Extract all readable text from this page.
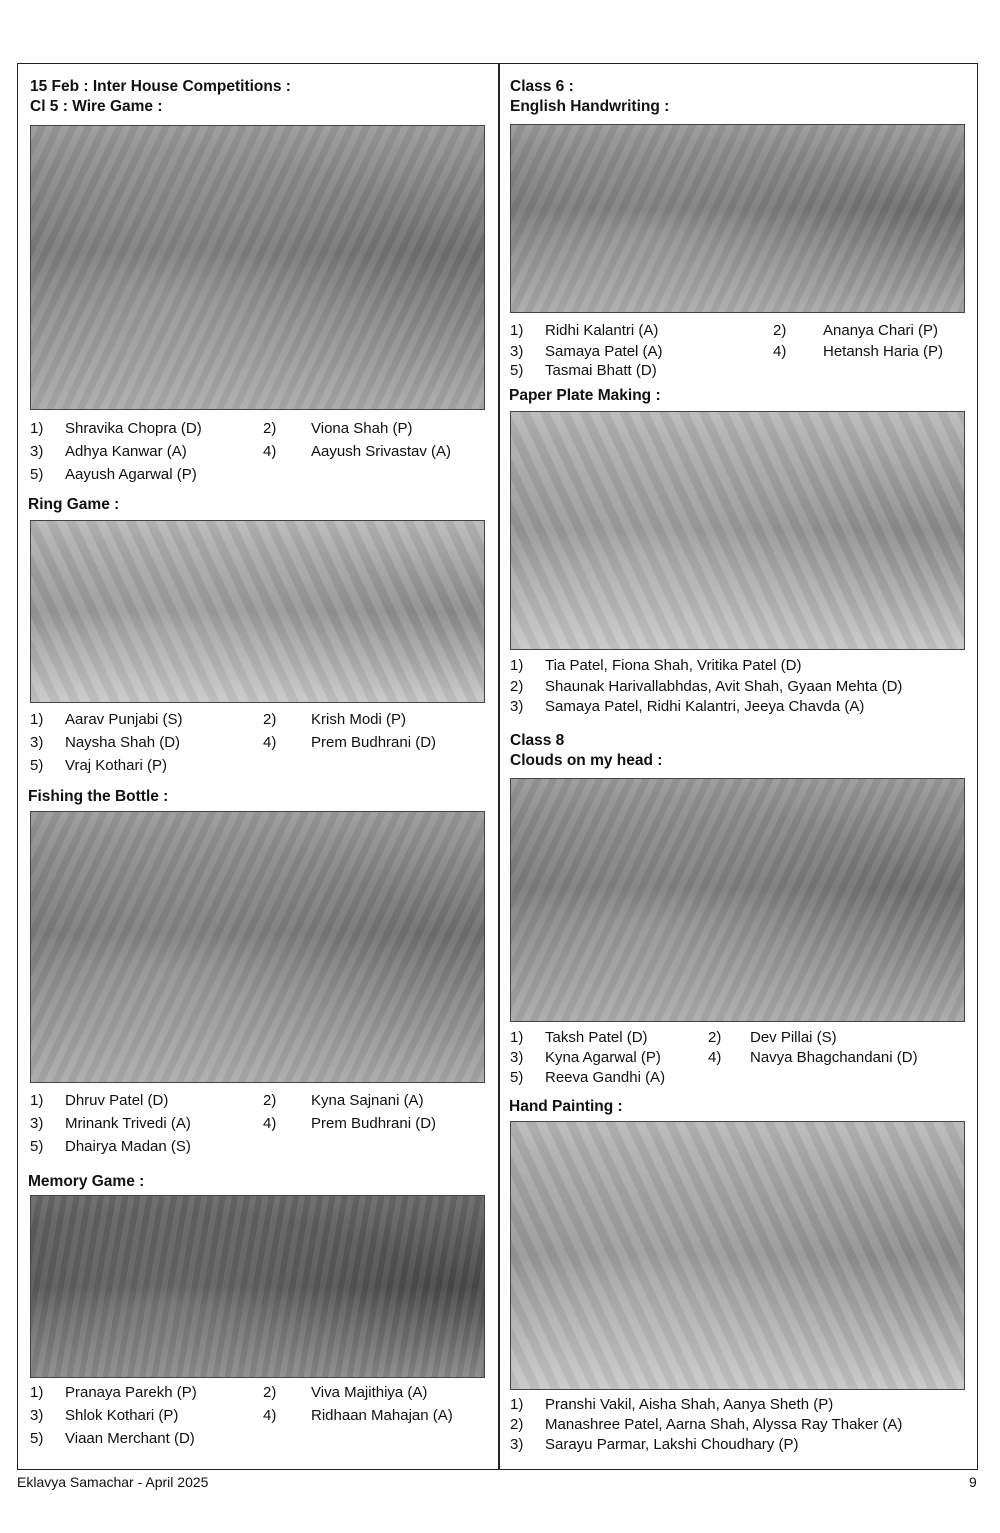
15 Feb : Inter House Competitions :
Cl 5 : Wire Game :
1) Shravika Chopra (D)	2) Viona Shah (P)
3) Adhya Kanwar (A)	4) Aayush Srivastav (A)
5) Aayush Agarwal (P)
Ring Game :
1) Aarav Punjabi (S)	2) Krish Modi (P)
3) Naysha Shah (D)	4) Prem Budhrani (D)
5) Vraj Kothari (P)
Fishing the Bottle :
1) Dhruv Patel (D)	2) Kyna Sajnani (A)
3) Mrinank Trivedi (A)	4) Prem Budhrani (D)
5) Dhairya Madan (S)
Memory Game :
1) Pranaya Parekh (P)	2) Viva Majithiya (A)
3) Shlok Kothari (P)	4) Ridhaan Mahajan (A)
5) Viaan Merchant (D)
Class 6 :
English Handwriting :
1) Ridhi Kalantri (A)	2) Ananya Chari (P)
3) Samaya Patel (A)	4) Hetansh Haria (P)
5) Tasmai Bhatt (D)
Paper Plate Making :
1) Tia Patel, Fiona Shah, Vritika Patel (D)
2) Shaunak Harivallabhdas, Avit Shah, Gyaan Mehta (D)
3) Samaya Patel, Ridhi Kalantri, Jeeya Chavda (A)
Class 8
Clouds on my head :
1) Taksh Patel (D)	2) Dev Pillai (S)
3) Kyna Agarwal (P)	4) Navya Bhagchandani (D)
5) Reeva Gandhi (A)
Hand Painting :
1) Pranshi Vakil, Aisha Shah, Aanya Sheth (P)
2) Manashree Patel, Aarna Shah, Alyssa Ray Thaker (A)
3) Sarayu Parmar, Lakshi Choudhary (P)
Eklavya Samachar - April 2025	9
